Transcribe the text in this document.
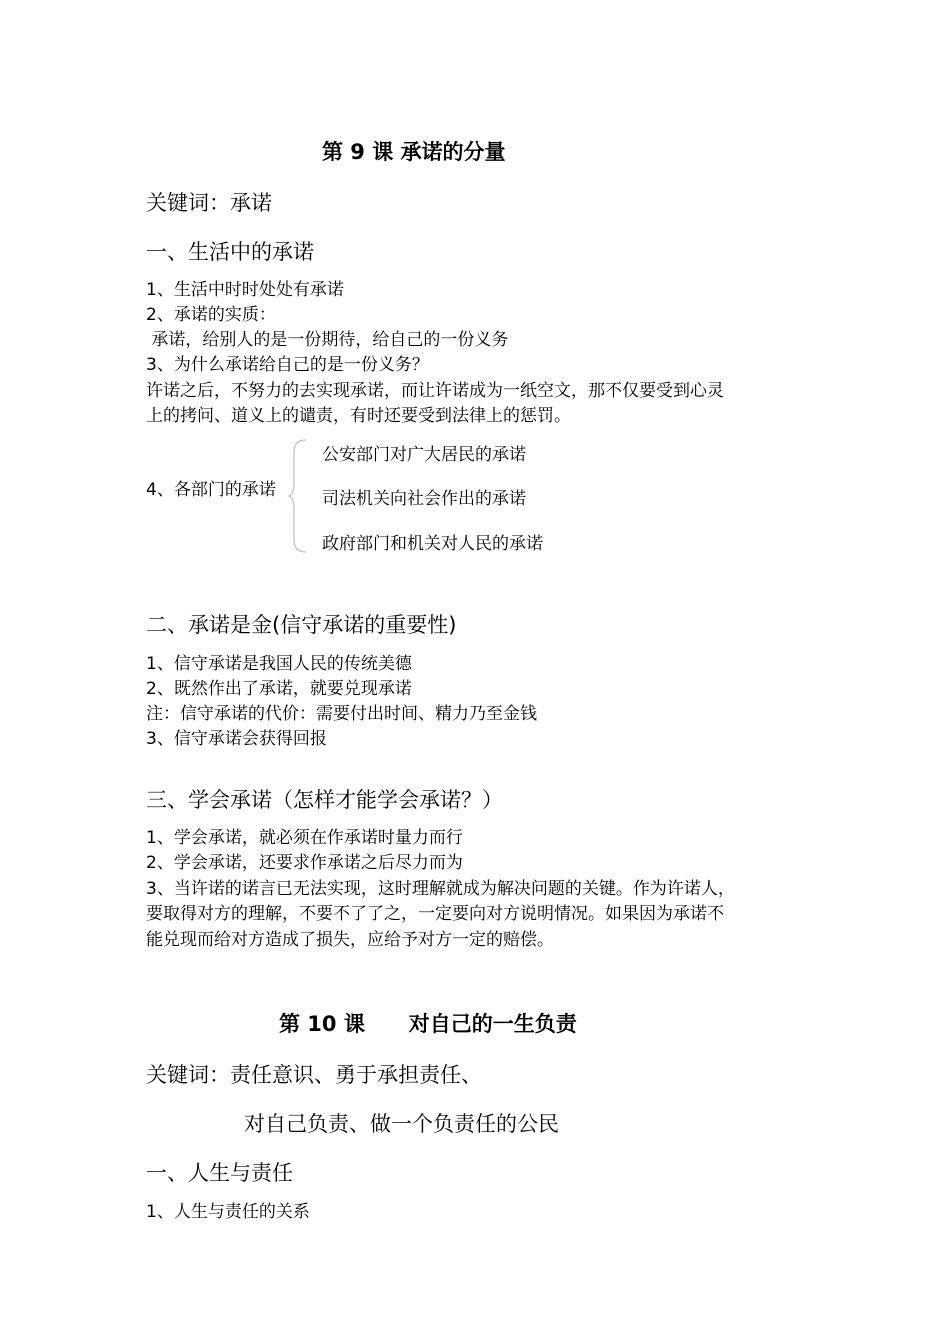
第 9 课 承诺的分量
关键词：承诺
一、生活中的承诺
1、生活中时时处处有承诺
2、承诺的实质：
承诺，给别人的是一份期待，给自己的一份义务
3、为什么承诺给自己的是一份义务？
许诺之后，不努力的去实现承诺，而让许诺成为一纸空文，那不仅要受到心灵
上的拷问、道义上的谴责，有时还要受到法律上的惩罚。
4、各部门的承诺
公安部门对广大居民的承诺
司法机关向社会作出的承诺
政府部门和机关对人民的承诺
二、承诺是金(信守承诺的重要性)
1、信守承诺是我国人民的传统美德
2、既然作出了承诺，就要兑现承诺
注：信守承诺的代价：需要付出时间、精力乃至金钱
3、信守承诺会获得回报
三、学会承诺（怎样才能学会承诺？）
1、学会承诺，就必须在作承诺时量力而行
2、学会承诺，还要求作承诺之后尽力而为
3、当许诺的诺言已无法实现，这时理解就成为解决问题的关键。作为许诺人，
要取得对方的理解，不要不了了之，一定要向对方说明情况。如果因为承诺不
能兑现而给对方造成了损失，应给予对方一定的赔偿。
第 10 课      对自己的一生负责
关键词：责任意识、勇于承担责任、
对自己负责、做一个负责任的公民
一、人生与责任
1、人生与责任的关系
